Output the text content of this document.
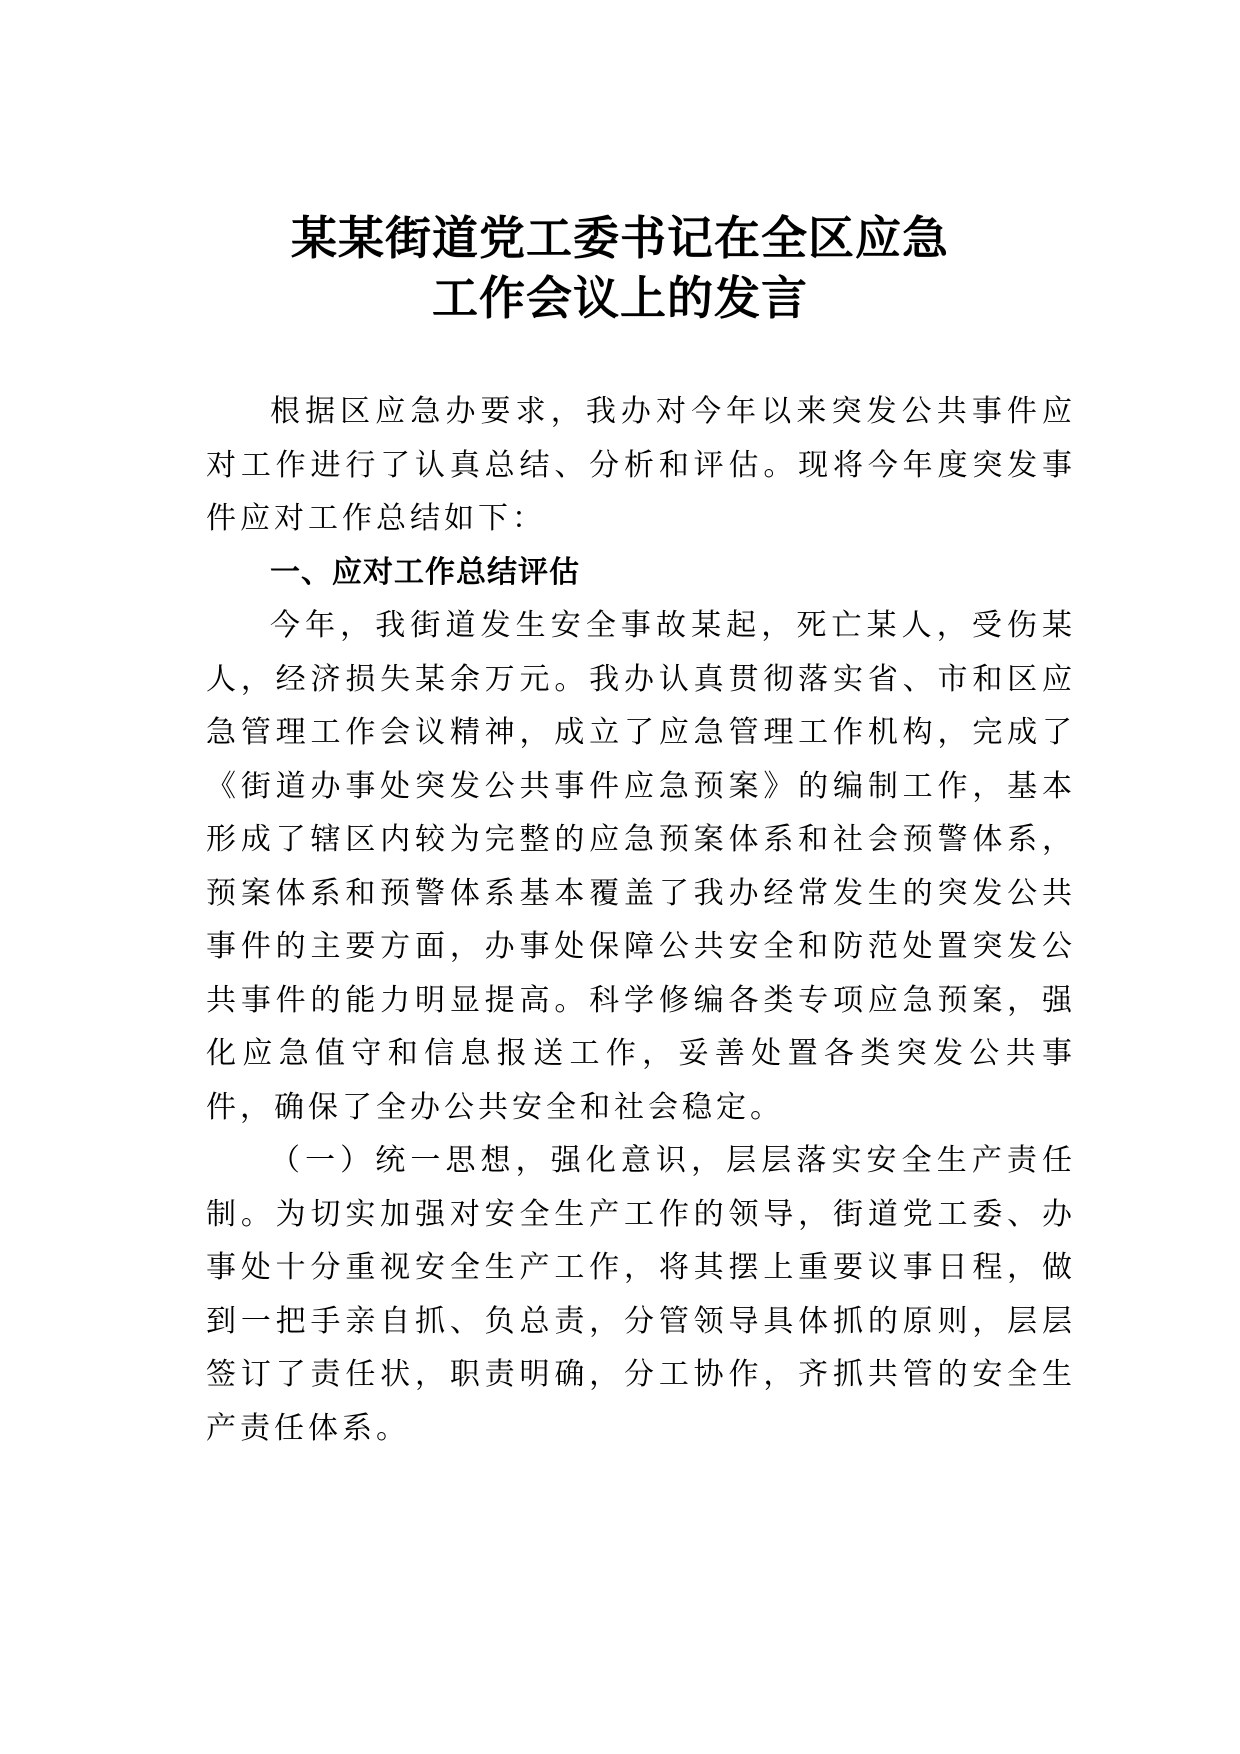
某某街道党工委书记在全区应急
工作会议上的发言

根据区应急办要求，我办对今年以来突发公共事件应对工作进行了认真总结、分析和评估。现将今年度突发事件应对工作总结如下：

一、应对工作总结评估

今年，我街道发生安全事故某起，死亡某人，受伤某人，经济损失某余万元。我办认真贯彻落实省、市和区应急管理工作会议精神，成立了应急管理工作机构，完成了《街道办事处突发公共事件应急预案》的编制工作，基本形成了辖区内较为完整的应急预案体系和社会预警体系，预案体系和预警体系基本覆盖了我办经常发生的突发公共事件的主要方面，办事处保障公共安全和防范处置突发公共事件的能力明显提高。科学修编各类专项应急预案，强化应急值守和信息报送工作，妥善处置各类突发公共事件，确保了全办公共安全和社会稳定。

（一）统一思想，强化意识，层层落实安全生产责任制。为切实加强对安全生产工作的领导，街道党工委、办事处十分重视安全生产工作，将其摆上重要议事日程，做到一把手亲自抓、负总责，分管领导具体抓的原则，层层签订了责任状，职责明确，分工协作，齐抓共管的安全生产责任体系。
